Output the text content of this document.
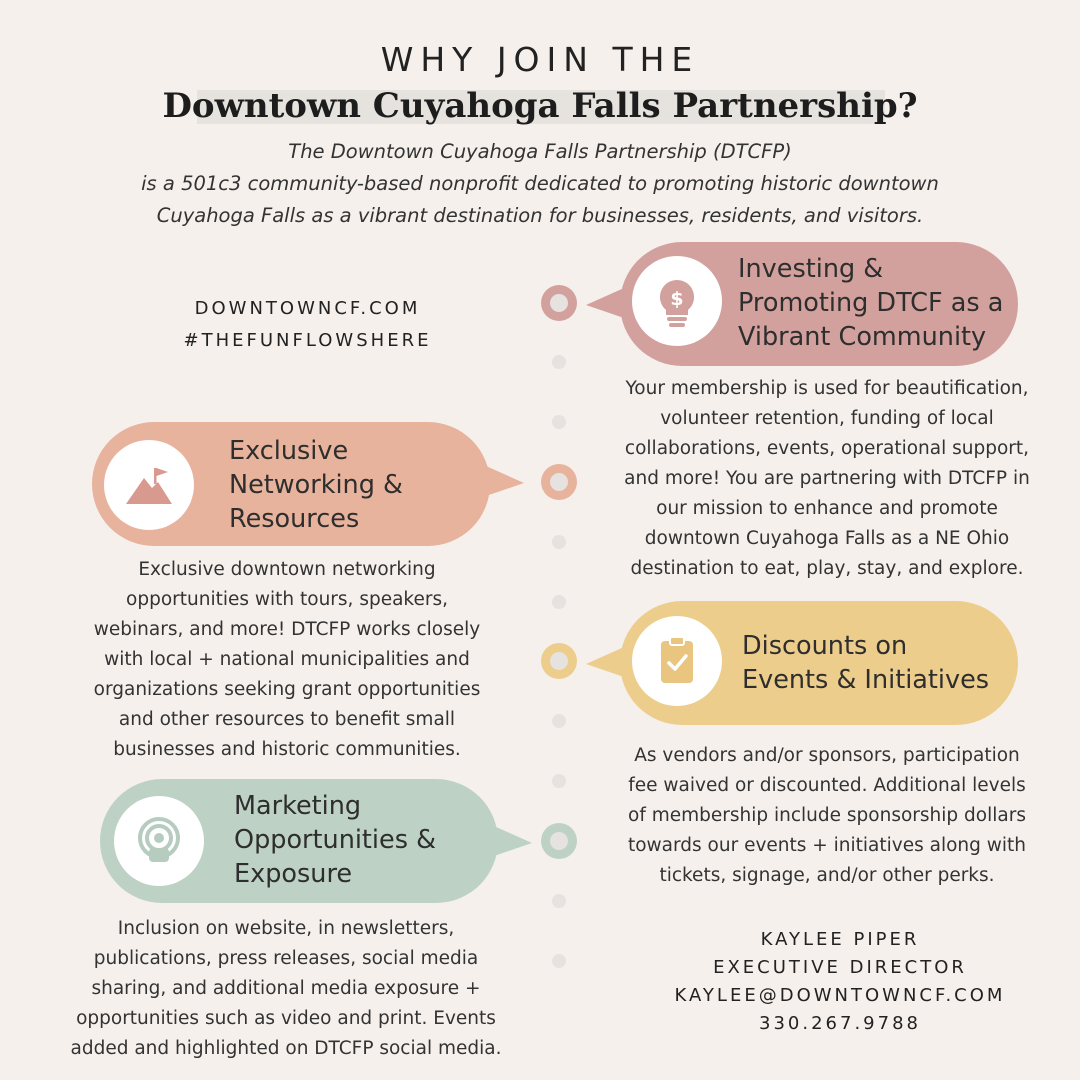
WHY JOIN THE
Downtown Cuyahoga Falls Partnership?
The Downtown Cuyahoga Falls Partnership (DTCFP)
is a 501c3 community-based nonprofit dedicated to promoting historic downtown
Cuyahoga Falls as a vibrant destination for businesses, residents, and visitors.
DOWNTOWNCF.COM
#THEFUNFLOWSHERE
$
Investing &
Promoting DTCF as a
Vibrant Community
Your membership is used for beautification,
volunteer retention, funding of local
collaborations, events, operational support,
and more! You are partnering with DTCFP in
our mission to enhance and promote
downtown Cuyahoga Falls as a NE Ohio
destination to eat, play, stay, and explore.
Exclusive
Networking &
Resources
Exclusive downtown networking
opportunities with tours, speakers,
webinars, and more! DTCFP works closely
with local + national municipalities and
organizations seeking grant opportunities
and other resources to benefit small
businesses and historic communities.
Discounts on
Events & Initiatives
As vendors and/or sponsors, participation
fee waived or discounted. Additional levels
of membership include sponsorship dollars
towards our events + initiatives along with
tickets, signage, and/or other perks.
Marketing
Opportunities &
Exposure
Inclusion on website, in newsletters,
publications, press releases, social media
sharing, and additional media exposure +
opportunities such as video and print. Events
added and highlighted on DTCFP social media.
KAYLEE PIPER
EXECUTIVE DIRECTOR
KAYLEE@DOWNTOWNCF.COM
330.267.9788
